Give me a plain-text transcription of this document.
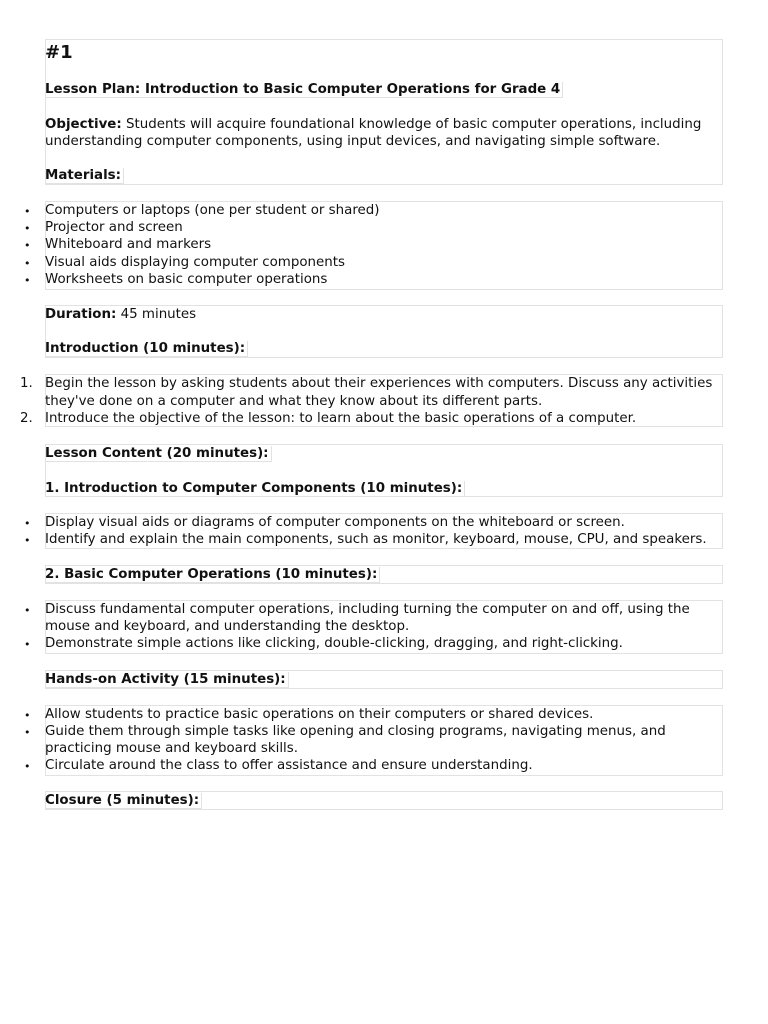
#1
Lesson Plan: Introduction to Basic Computer Operations for Grade 4
Objective: Students will acquire foundational knowledge of basic computer operations, including
understanding computer components, using input devices, and navigating simple software.
Materials:
• Computers or laptops (one per student or shared)
• Projector and screen
• Whiteboard and markers
• Visual aids displaying computer components
• Worksheets on basic computer operations
Duration: 45 minutes
Introduction (10 minutes):
1. Begin the lesson by asking students about their experiences with computers. Discuss any activities
they've done on a computer and what they know about its different parts.
2. Introduce the objective of the lesson: to learn about the basic operations of a computer.
Lesson Content (20 minutes):
1. Introduction to Computer Components (10 minutes):
• Display visual aids or diagrams of computer components on the whiteboard or screen.
• Identify and explain the main components, such as monitor, keyboard, mouse, CPU, and speakers.
2. Basic Computer Operations (10 minutes):
• Discuss fundamental computer operations, including turning the computer on and off, using the
mouse and keyboard, and understanding the desktop.
• Demonstrate simple actions like clicking, double-clicking, dragging, and right-clicking.
Hands-on Activity (15 minutes):
• Allow students to practice basic operations on their computers or shared devices.
• Guide them through simple tasks like opening and closing programs, navigating menus, and
practicing mouse and keyboard skills.
• Circulate around the class to offer assistance and ensure understanding.
Closure (5 minutes):
